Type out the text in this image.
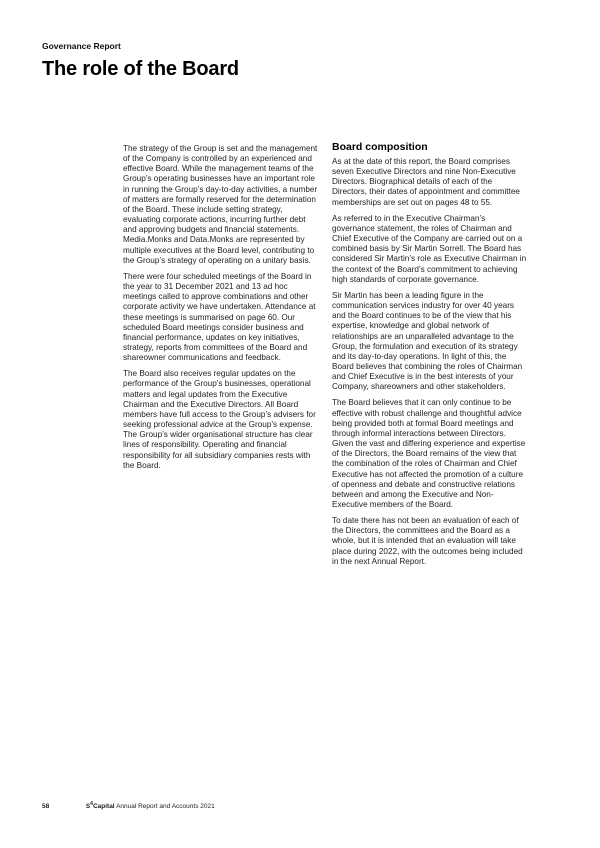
Governance Report
The role of the Board

The strategy of the Group is set and the management of the Company is controlled by an experienced and effective Board. While the management teams of the Group’s operating businesses have an important role in running the Group’s day-to-day activities, a number of matters are formally reserved for the determination of the Board. These include setting strategy, evaluating corporate actions, incurring further debt and approving budgets and financial statements. Media.Monks and Data.Monks are represented by multiple executives at the Board level, contributing to the Group’s strategy of operating on a unitary basis.

There were four scheduled meetings of the Board in the year to 31 December 2021 and 13 ad hoc meetings called to approve combinations and other corporate activity we have undertaken. Attendance at these meetings is summarised on page 60. Our scheduled Board meetings consider business and financial performance, updates on key initiatives, strategy, reports from committees of the Board and shareowner communications and feedback.

The Board also receives regular updates on the performance of the Group’s businesses, operational matters and legal updates from the Executive Chairman and the Executive Directors. All Board members have full access to the Group’s advisers for seeking professional advice at the Group’s expense. The Group’s wider organisational structure has clear lines of responsibility. Operating and financial responsibility for all subsidiary companies rests with the Board.

Board composition

As at the date of this report, the Board comprises seven Executive Directors and nine Non-Executive Directors. Biographical details of each of the Directors, their dates of appointment and committee memberships are set out on pages 48 to 55.

As referred to in the Executive Chairman’s governance statement, the roles of Chairman and Chief Executive of the Company are carried out on a combined basis by Sir Martin Sorrell. The Board has considered Sir Martin’s role as Executive Chairman in the context of the Board’s commitment to achieving high standards of corporate governance.

Sir Martin has been a leading figure in the communication services industry for over 40 years and the Board continues to be of the view that his expertise, knowledge and global network of relationships are an unparalleled advantage to the Group, the formulation and execution of its strategy and its day-to-day operations. In light of this, the Board believes that combining the roles of Chairman and Chief Executive is in the best interests of your Company, shareowners and other stakeholders.

The Board believes that it can only continue to be effective with robust challenge and thoughtful advice being provided both at formal Board meetings and through informal interactions between Directors. Given the vast and differing experience and expertise of the Directors, the Board remains of the view that the combination of the roles of Chairman and Chief Executive has not affected the promotion of a culture of openness and debate and constructive relations between and among the Executive and Non-Executive members of the Board.

To date there has not been an evaluation of each of the Directors, the committees and the Board as a whole, but it is intended that an evaluation will take place during 2022, with the outcomes being included in the next Annual Report.

58	$S^4Capital$ Annual Report and Accounts 2021
